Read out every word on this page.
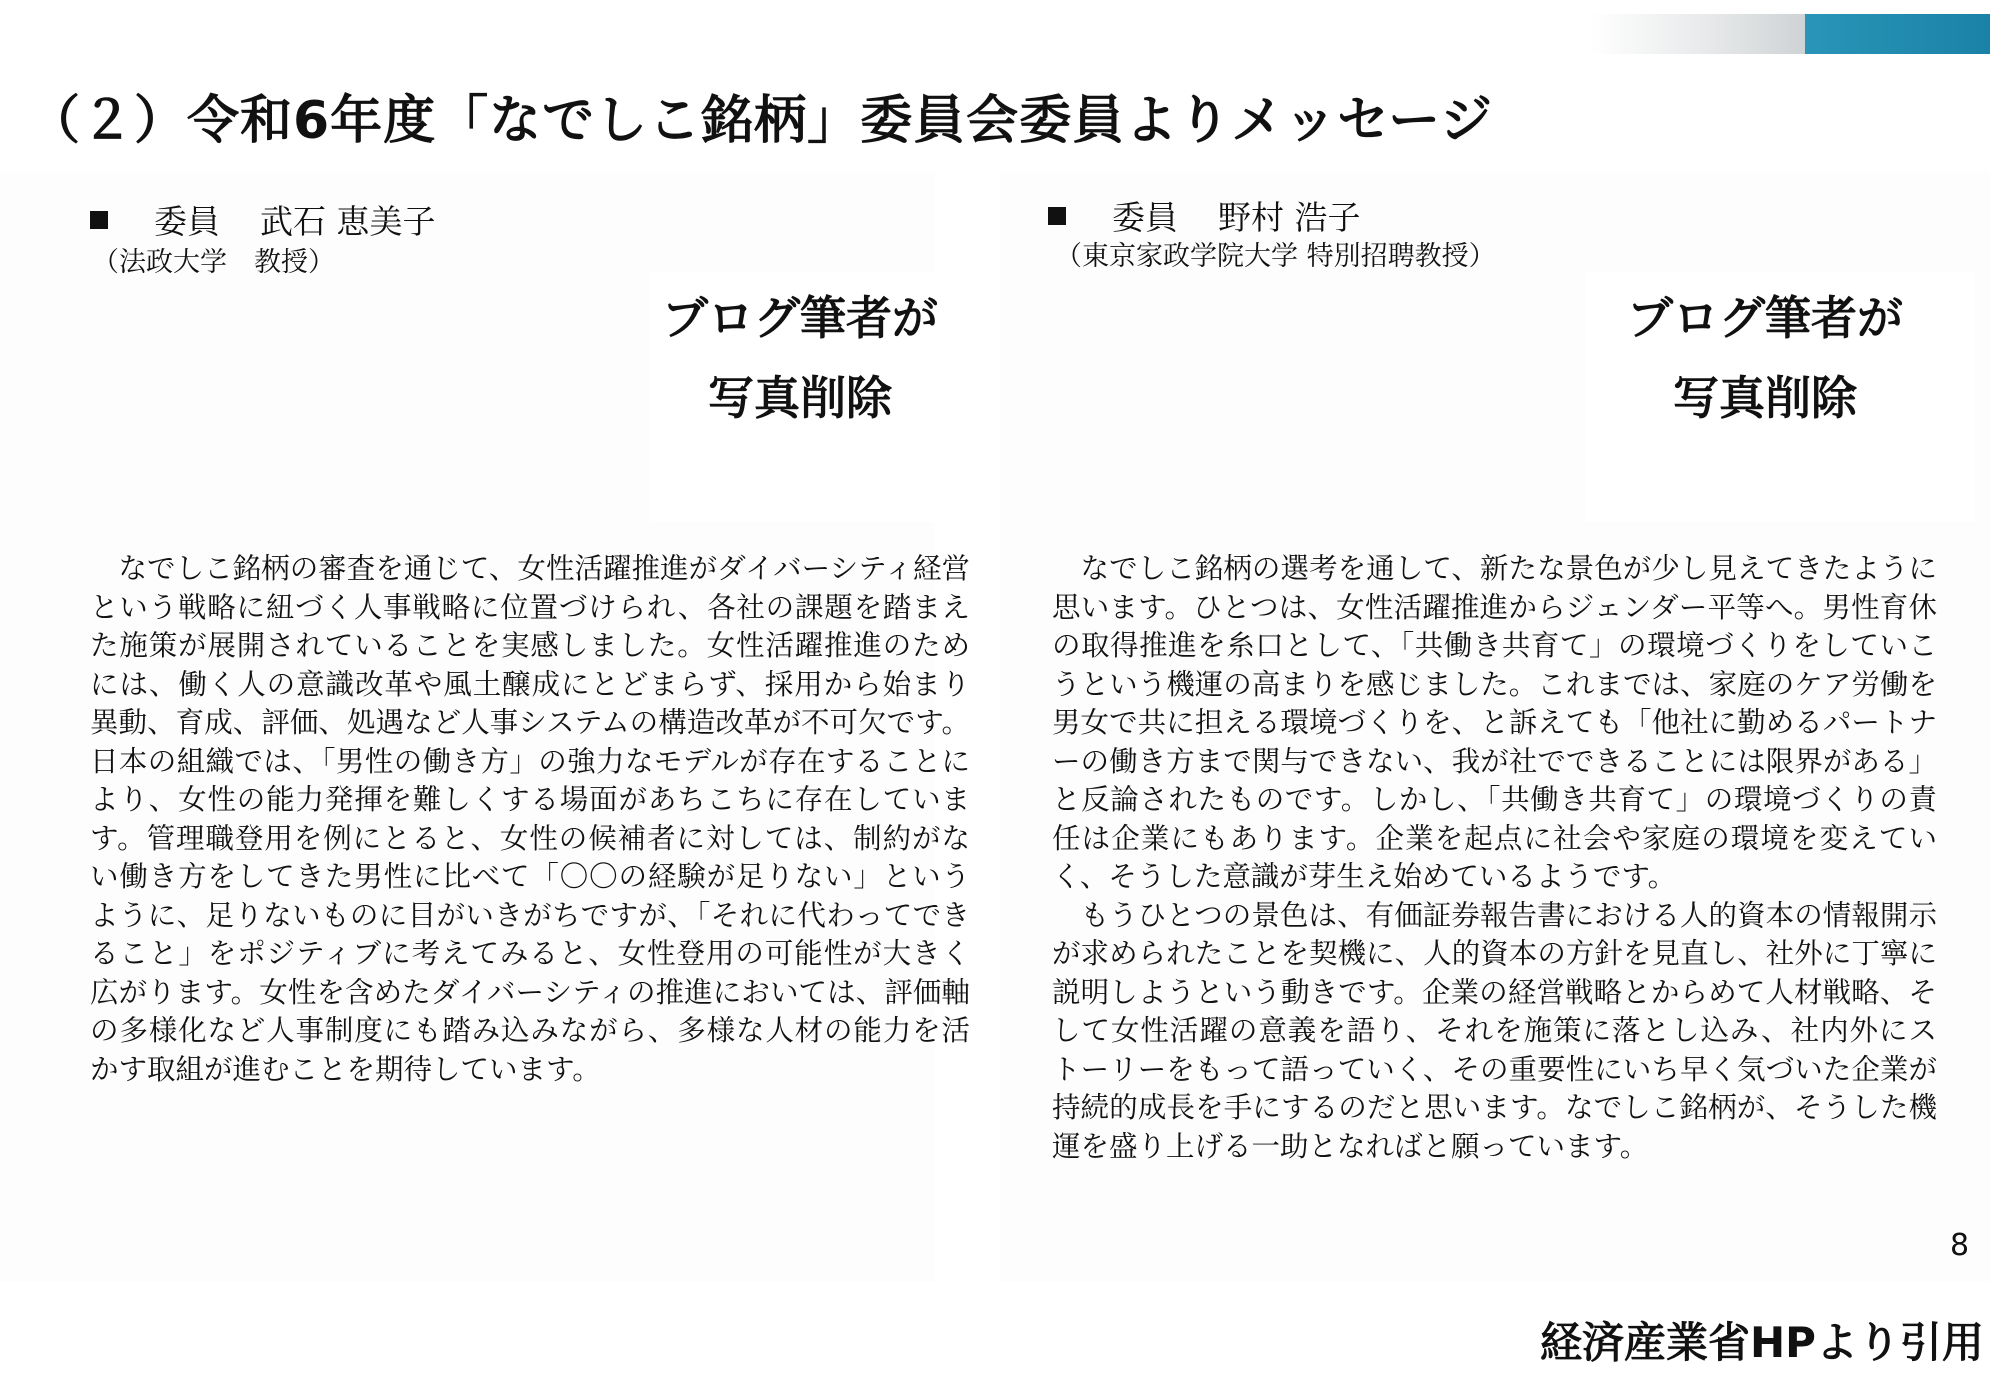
（２）令和6年度「なでしこ銘柄」委員会委員よりメッセージ
委員 武石 恵美子
（法政大学　教授）
ブログ筆者が
写真削除

なでしこ銘柄の審査を通じて、女性活躍推進がダイバーシティ経営という戦略に紐づく人事戦略に位置づけられ、各社の課題を踏まえた施策が展開されていることを実感しました。女性活躍推進のためには、働く人の意識改革や風土醸成にとどまらず、採用から始まり異動、育成、評価、処遇など人事システムの構造改革が不可欠です。日本の組織では、「男性の働き方」の強力なモデルが存在することにより、女性の能力発揮を難しくする場面があちこちに存在しています。管理職登用を例にとると、女性の候補者に対しては、制約がない働き方をしてきた男性に比べて「〇〇の経験が足りない」というように、足りないものに目がいきがちですが、「それに代わってできること」をポジティブに考えてみると、女性登用の可能性が大きく広がります。女性を含めたダイバーシティの推進においては、評価軸の多様化など人事制度にも踏み込みながら、多様な人材の能力を活かす取組が進むことを期待しています。

委員 野村 浩子
（東京家政学院大学 特別招聘教授）
ブログ筆者が
写真削除

なでしこ銘柄の選考を通して、新たな景色が少し見えてきたように思います。ひとつは、女性活躍推進からジェンダー平等へ。男性育休の取得推進を糸口として、「共働き共育て」の環境づくりをしていこうという機運の高まりを感じました。これまでは、家庭のケア労働を男女で共に担える環境づくりを、と訴えても「他社に勤めるパートナーの働き方まで関与できない、我が社でできることには限界がある」と反論されたものです。しかし、「共働き共育て」の環境づくりの責任は企業にもあります。企業を起点に社会や家庭の環境を変えていく、そうした意識が芽生え始めているようです。

もうひとつの景色は、有価証券報告書における人的資本の情報開示が求められたことを契機に、人的資本の方針を見直し、社外に丁寧に説明しようという動きです。企業の経営戦略とからめて人材戦略、そして女性活躍の意義を語り、それを施策に落とし込み、社内外にストーリーをもって語っていく、その重要性にいち早く気づいた企業が持続的成長を手にするのだと思います。なでしこ銘柄が、そうした機運を盛り上げる一助となればと願っています。

8
経済産業省HPより引用
